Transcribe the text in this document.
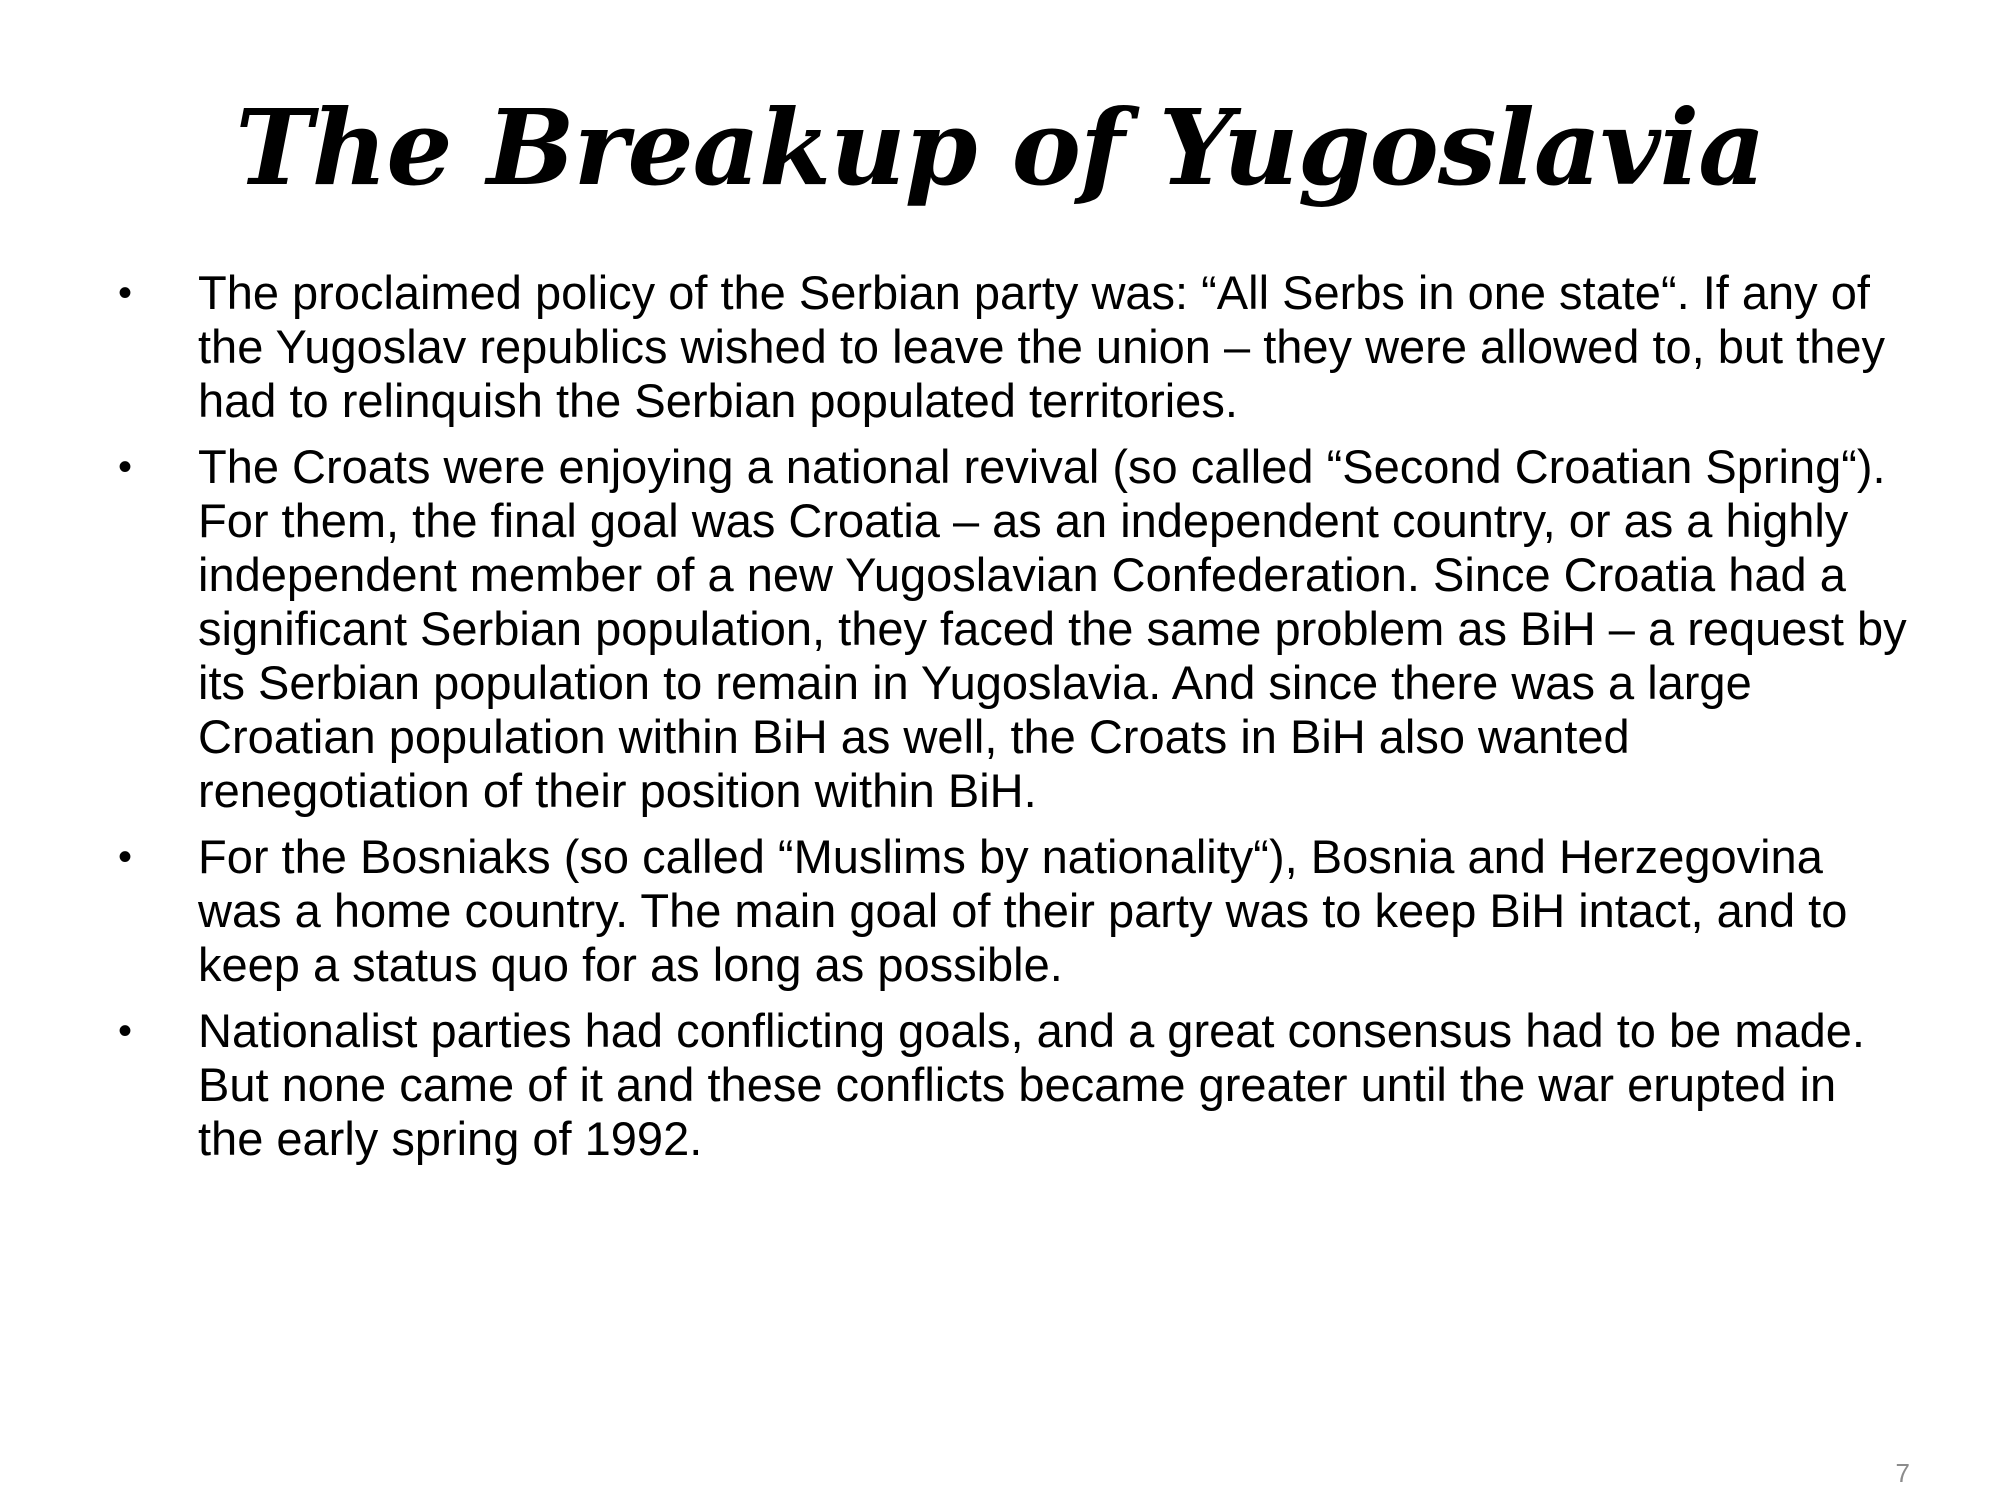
The Breakup of Yugoslavia
• The proclaimed policy of the Serbian party was: “All Serbs in one state“. If any of the Yugoslav republics wished to leave the union – they were allowed to, but they had to relinquish the Serbian populated territories.
• The Croats were enjoying a national revival (so called “Second Croatian Spring“). For them, the final goal was Croatia – as an independent country, or as a highly independent member of a new Yugoslavian Confederation. Since Croatia had a significant Serbian population, they faced the same problem as BiH – a request by its Serbian population to remain in Yugoslavia. And since there was a large Croatian population within BiH as well, the Croats in BiH also wanted renegotiation of their position within BiH.
• For the Bosniaks (so called “Muslims by nationality“), Bosnia and Herzegovina was a home country. The main goal of their party was to keep BiH intact, and to keep a status quo for as long as possible.
• Nationalist parties had conflicting goals, and a great consensus had to be made. But none came of it and these conflicts became greater until the war erupted in the early spring of 1992.
7
